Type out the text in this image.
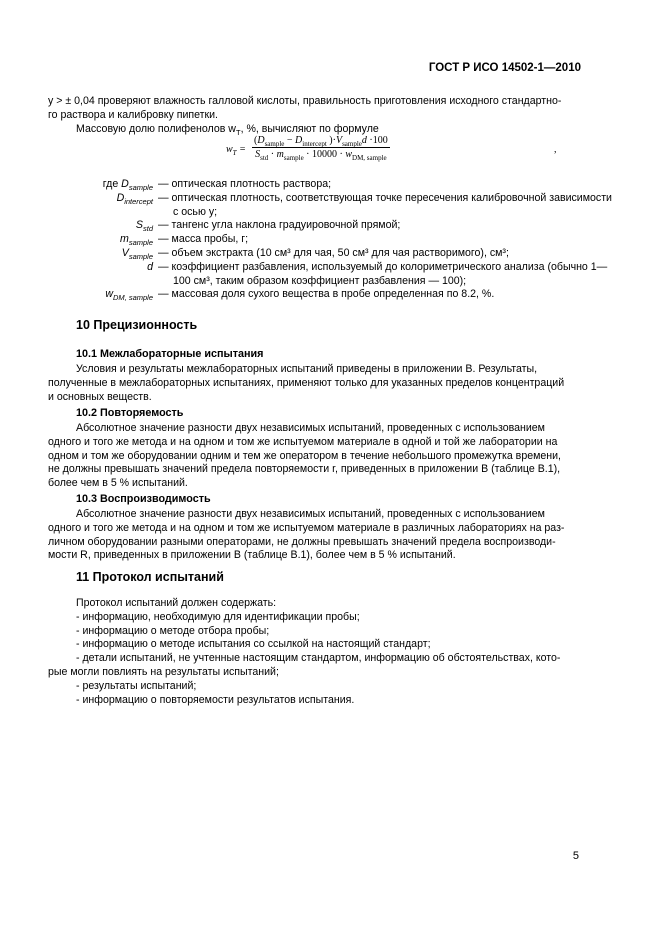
ГОСТ Р ИСО 14502-1—2010

y > ± 0,04 проверяют влажность галловой кислоты, правильность приготовления исходного стандартно-

го раствора и калибровку пипетки.

Массовую долю полифенолов $w_T$, %, вычисляют по формуле

$w_T$ =
($D_{sample} - D_{intercept}$ )$\cdot V_{sample}d \cdot 100$
$S_{std} \cdot m_{sample} \cdot 10000 \cdot w_{DM, sample}$
,
где $D_{sample}$ — оптическая плотность раствора;
$D_{intercept}$ — оптическая плотность, соответствующая точке пересечения калибровочной зависимости
с осью y;
$S_{std}$ — тангенс угла наклона градуировочной прямой;
$m_{sample}$ — масса пробы, г;
$V_{sample}$ — объем экстракта (10 см³ для чая, 50 см³ для чая растворимого), см³;
d — коэффициент разбавления, используемый до колориметрического анализа (обычно 1—
100 см³, таким образом коэффициент разбавления — 100);
$w_{DM, sample}$ — массовая доля сухого вещества в пробе определенная по 8.2, %.
10 Прецизионность
10.1 Межлабораторные испытания

Условия и результаты межлабораторных испытаний приведены в приложении В. Результаты,

полученные в межлабораторных испытаниях, применяют только для указанных пределов концентраций

и основных веществ.

10.2 Повторяемость

Абсолютное значение разности двух независимых испытаний, проведенных с использованием

одного и того же метода и на одном и том же испытуемом материале в одной и той же лаборатории на

одном и том же оборудовании одним и тем же оператором в течение небольшого промежутка времени,

не должны превышать значений предела повторяемости r, приведенных в приложении В (таблице В.1),

более чем в 5 % испытаний.

10.3 Воспроизводимость

Абсолютное значение разности двух независимых испытаний, проведенных с использованием

одного и того же метода и на одном и том же испытуемом материале в различных лабораториях на раз-

личном оборудовании разными операторами, не должны превышать значений предела воспроизводи-

мости R, приведенных в приложении В (таблице В.1), более чем в 5 % испытаний.

11 Протокол испытаний

Протокол испытаний должен содержать:

- информацию, необходимую для идентификации пробы;

- информацию о методе отбора пробы;

- информацию о методе испытания со ссылкой на настоящий стандарт;

- детали испытаний, не учтенные настоящим стандартом, информацию об обстоятельствах, кото-

рые могли повлиять на результаты испытаний;

- результаты испытаний;

- информацию о повторяемости результатов испытания.

5
